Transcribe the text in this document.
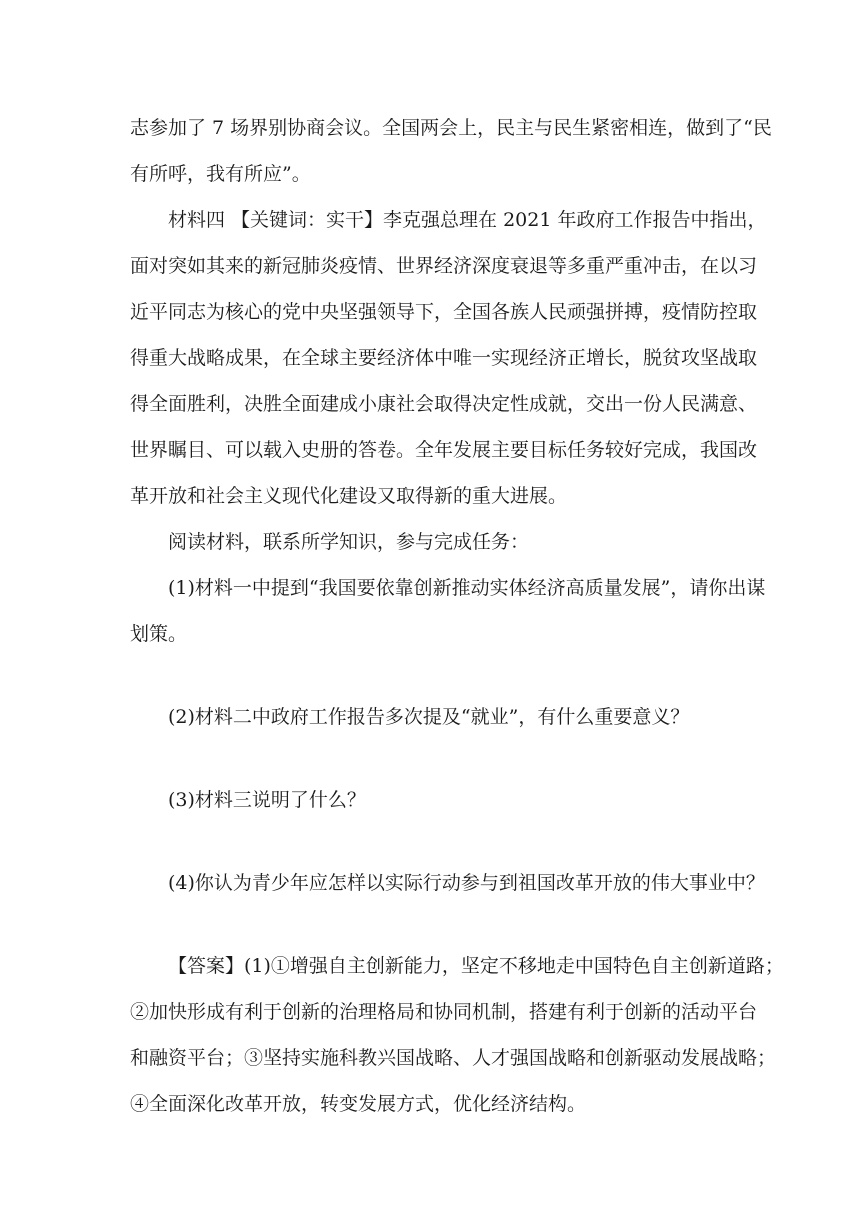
志参加了 7 场界别协商会议。全国两会上，民主与民生紧密相连，做到了“民
有所呼，我有所应”。
材料四 【关键词：实干】李克强总理在 2021 年政府工作报告中指出，
面对突如其来的新冠肺炎疫情、世界经济深度衰退等多重严重冲击，在以习
近平同志为核心的党中央坚强领导下，全国各族人民顽强拼搏，疫情防控取
得重大战略成果，在全球主要经济体中唯一实现经济正增长，脱贫攻坚战取
得全面胜利，决胜全面建成小康社会取得决定性成就，交出一份人民满意、
世界瞩目、可以载入史册的答卷。全年发展主要目标任务较好完成，我国改
革开放和社会主义现代化建设又取得新的重大进展。
阅读材料，联系所学知识，参与完成任务：
(1)材料一中提到“我国要依靠创新推动实体经济高质量发展”，请你出谋
划策。
(2)材料二中政府工作报告多次提及“就业”，有什么重要意义？
(3)材料三说明了什么？
(4)你认为青少年应怎样以实际行动参与到祖国改革开放的伟大事业中？
【答案】(1)①增强自主创新能力，坚定不移地走中国特色自主创新道路；
②加快形成有利于创新的治理格局和协同机制，搭建有利于创新的活动平台
和融资平台；③坚持实施科教兴国战略、人才强国战略和创新驱动发展战略；
④全面深化改革开放，转变发展方式，优化经济结构。
